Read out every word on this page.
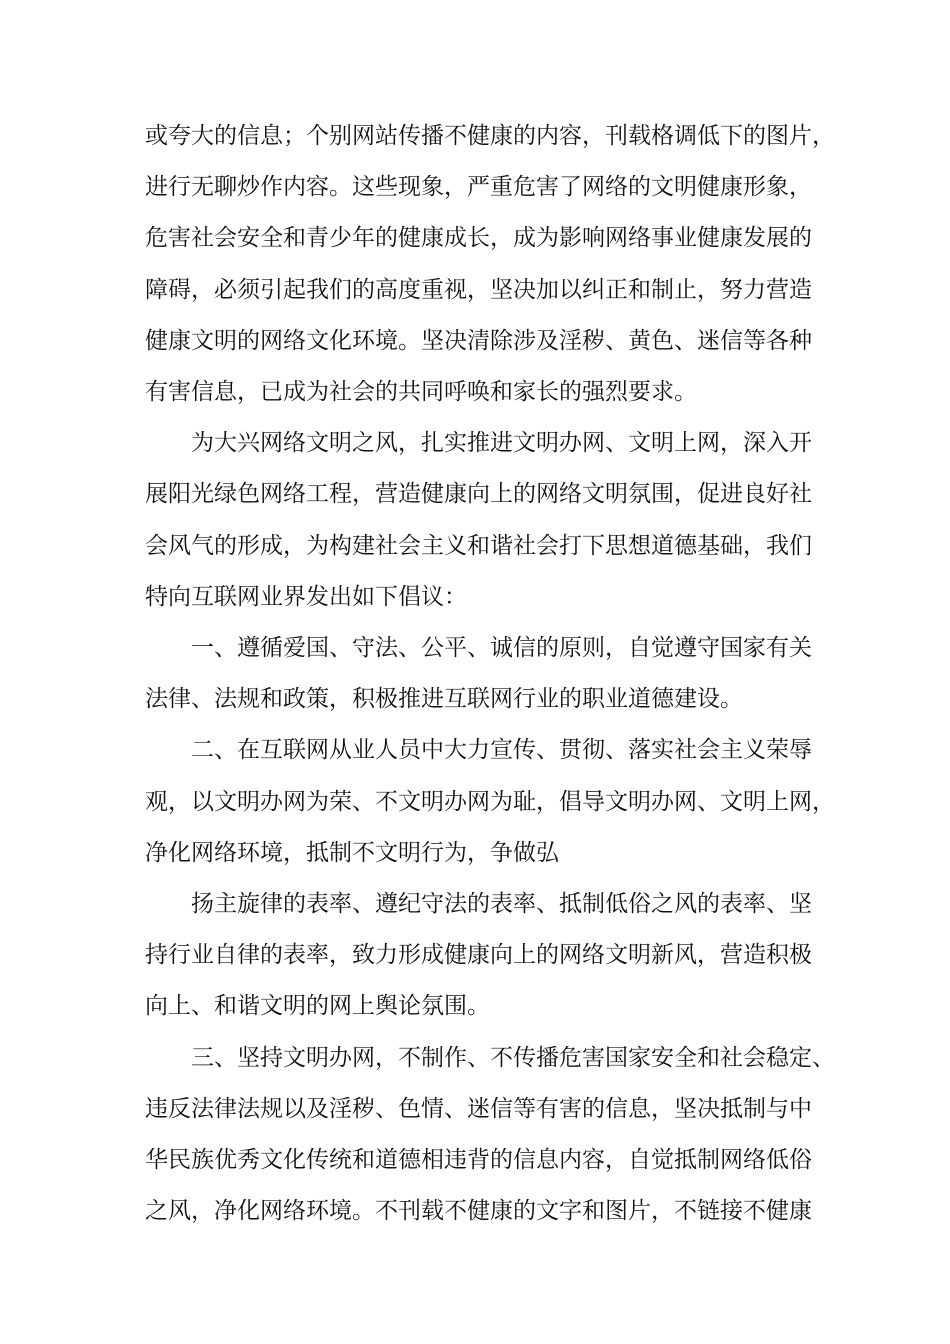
或夸大的信息；个别网站传播不健康的内容，刊载格调低下的图片，

进行无聊炒作内容。这些现象，严重危害了网络的文明健康形象，

危害社会安全和青少年的健康成长，成为影响网络事业健康发展的

障碍，必须引起我们的高度重视，坚决加以纠正和制止，努力营造

健康文明的网络文化环境。坚决清除涉及淫秽、黄色、迷信等各种

有害信息，已成为社会的共同呼唤和家长的强烈要求。

为大兴网络文明之风，扎实推进文明办网、文明上网，深入开

展阳光绿色网络工程，营造健康向上的网络文明氛围，促进良好社

会风气的形成，为构建社会主义和谐社会打下思想道德基础，我们

特向互联网业界发出如下倡议：

一、遵循爱国、守法、公平、诚信的原则，自觉遵守国家有关

法律、法规和政策，积极推进互联网行业的职业道德建设。

二、在互联网从业人员中大力宣传、贯彻、落实社会主义荣辱

观，以文明办网为荣、不文明办网为耻，倡导文明办网、文明上网，

净化网络环境，抵制不文明行为，争做弘

扬主旋律的表率、遵纪守法的表率、抵制低俗之风的表率、坚

持行业自律的表率，致力形成健康向上的网络文明新风，营造积极

向上、和谐文明的网上舆论氛围。

三、坚持文明办网，不制作、不传播危害国家安全和社会稳定、

违反法律法规以及淫秽、色情、迷信等有害的信息，坚决抵制与中

华民族优秀文化传统和道德相违背的信息内容，自觉抵制网络低俗

之风，净化网络环境。不刊载不健康的文字和图片，不链接不健康
